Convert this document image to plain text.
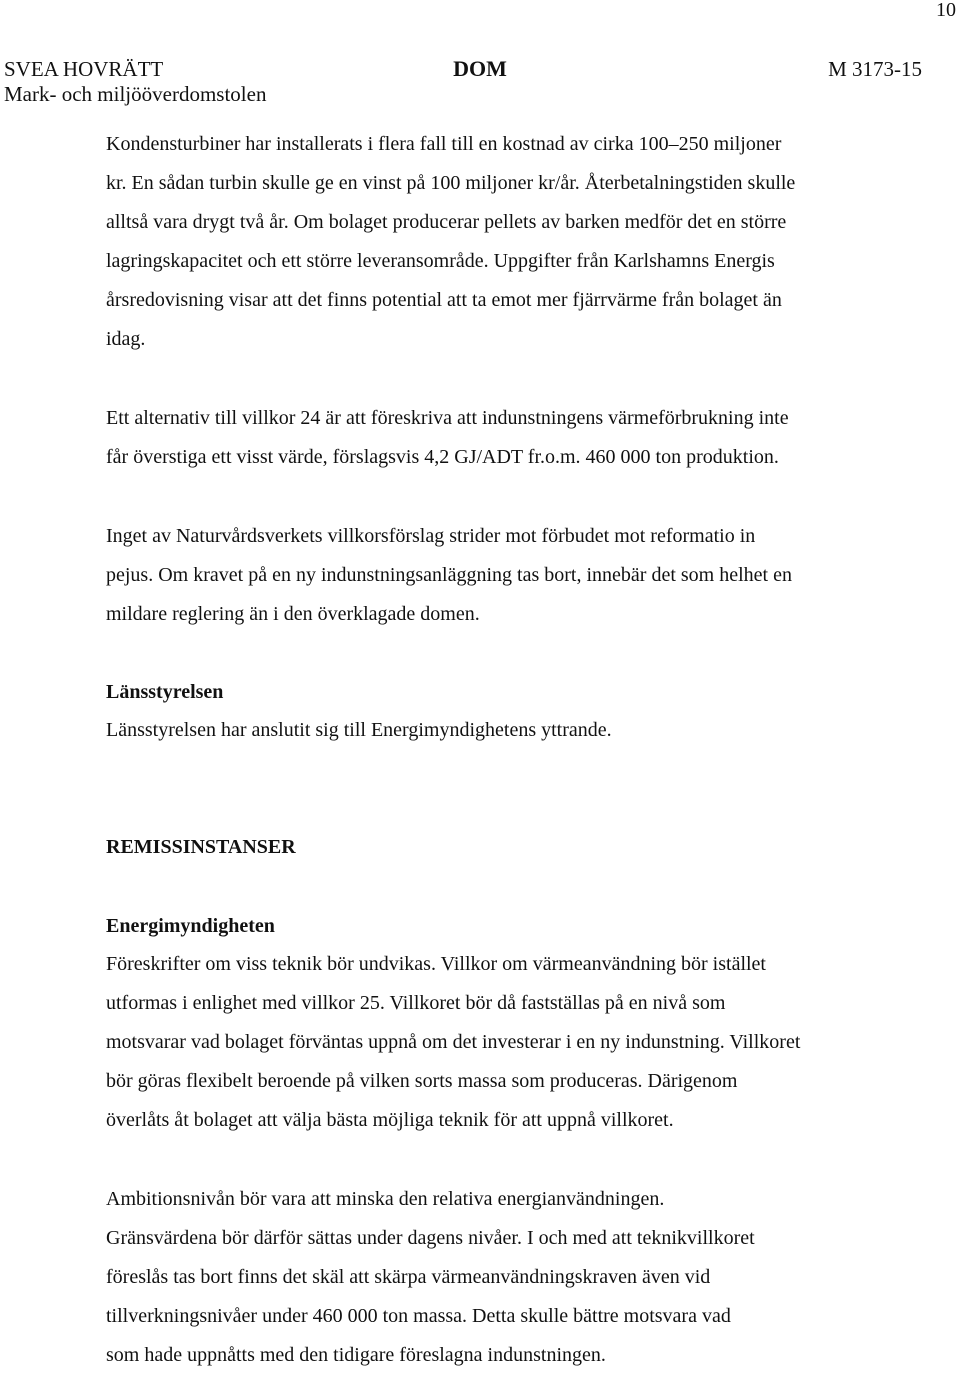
10
SVEA HOVRÄTT
Mark- och miljööverdomstolen
DOM	M 3173-15

Kondensturbiner har installerats i flera fall till en kostnad av cirka 100–250 miljoner

kr. En sådan turbin skulle ge en vinst på 100 miljoner kr/år. Återbetalningstiden skulle

alltså vara drygt två år. Om bolaget producerar pellets av barken medför det en större

lagringskapacitet och ett större leveransområde. Uppgifter från Karlshamns Energis

årsredovisning visar att det finns potential att ta emot mer fjärrvärme från bolaget än

idag.

Ett alternativ till villkor 24 är att föreskriva att indunstningens värmeförbrukning inte

får överstiga ett visst värde, förslagsvis 4,2 GJ/ADT fr.o.m. 460 000 ton produktion.

Inget av Naturvårdsverkets villkorsförslag strider mot förbudet mot reformatio in

pejus. Om kravet på en ny indunstningsanläggning tas bort, innebär det som helhet en

mildare reglering än i den överklagade domen.

Länsstyrelsen

Länsstyrelsen har anslutit sig till Energimyndighetens yttrande.

REMISSINSTANSER
Energimyndigheten

Föreskrifter om viss teknik bör undvikas. Villkor om värmeanvändning bör istället

utformas i enlighet med villkor 25. Villkoret bör då fastställas på en nivå som

motsvarar vad bolaget förväntas uppnå om det investerar i en ny indunstning. Villkoret

bör göras flexibelt beroende på vilken sorts massa som produceras. Därigenom

överlåts åt bolaget att välja bästa möjliga teknik för att uppnå villkoret.

Ambitionsnivån bör vara att minska den relativa energianvändningen.

Gränsvärdena bör därför sättas under dagens nivåer. I och med att teknikvillkoret

föreslås tas bort finns det skäl att skärpa värmeanvändningskraven även vid

tillverkningsnivåer under 460 000 ton massa. Detta skulle bättre motsvara vad

som hade uppnåtts med den tidigare föreslagna indunstningen.
